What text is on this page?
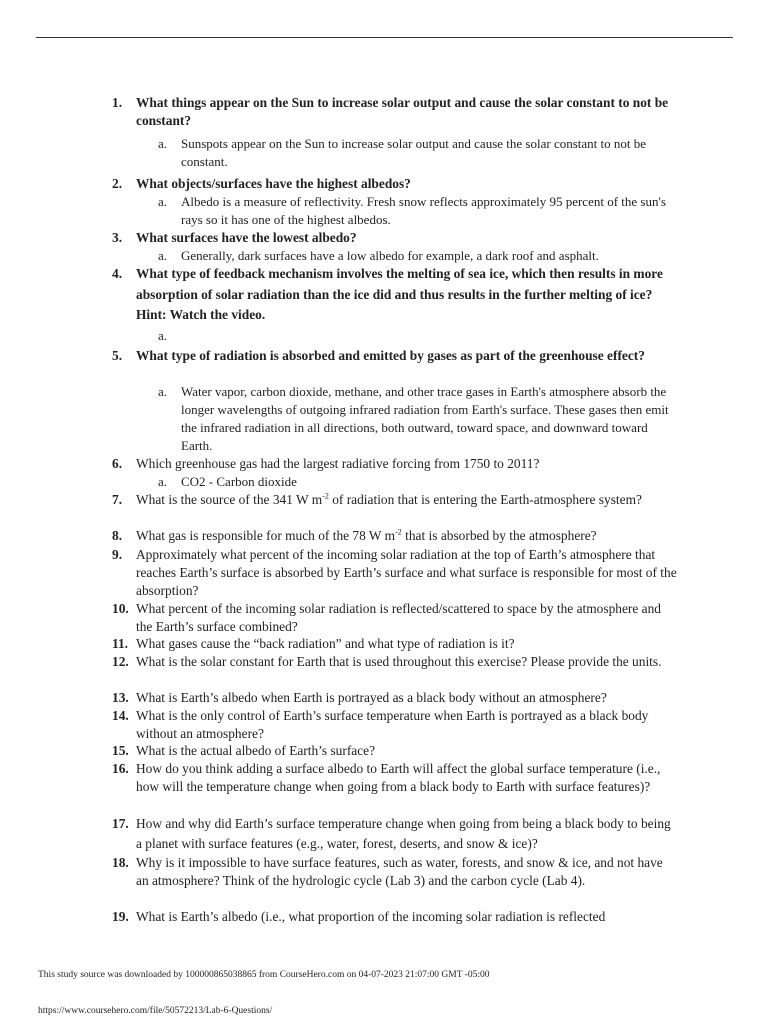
1. What things appear on the Sun to increase solar output and cause the solar constant to not be constant?
a. Sunspots appear on the Sun to increase solar output and cause the solar constant to not be constant.
2. What objects/surfaces have the highest albedos?
a. Albedo is a measure of reflectivity. Fresh snow reflects approximately 95 percent of the sun's rays so it has one of the highest albedos.
3. What surfaces have the lowest albedo?
a. Generally, dark surfaces have a low albedo for example, a dark roof and asphalt.
4. What type of feedback mechanism involves the melting of sea ice, which then results in more absorption of solar radiation than the ice did and thus results in the further melting of ice? Hint: Watch the video.
a.
5. What type of radiation is absorbed and emitted by gases as part of the greenhouse effect?
a. Water vapor, carbon dioxide, methane, and other trace gases in Earth's atmosphere absorb the longer wavelengths of outgoing infrared radiation from Earth's surface. These gases then emit the infrared radiation in all directions, both outward, toward space, and downward toward Earth.
6. Which greenhouse gas had the largest radiative forcing from 1750 to 2011?
a. CO2 - Carbon dioxide
7. What is the source of the 341 W $m^{-2}$ of radiation that is entering the Earth-atmosphere system?
8. What gas is responsible for much of the 78 W $m^{-2}$ that is absorbed by the atmosphere?
9. Approximately what percent of the incoming solar radiation at the top of Earth’s atmosphere that reaches Earth’s surface is absorbed by Earth’s surface and what surface is responsible for most of the absorption?
10. What percent of the incoming solar radiation is reflected/scattered to space by the atmosphere and the Earth’s surface combined?
11. What gases cause the “back radiation” and what type of radiation is it?
12. What is the solar constant for Earth that is used throughout this exercise? Please provide the units.
13. What is Earth’s albedo when Earth is portrayed as a black body without an atmosphere?
14. What is the only control of Earth’s surface temperature when Earth is portrayed as a black body without an atmosphere?
15. What is the actual albedo of Earth’s surface?
16. How do you think adding a surface albedo to Earth will affect the global surface temperature (i.e., how will the temperature change when going from a black body to Earth with surface features)?
17. How and why did Earth’s surface temperature change when going from being a black body to being a planet with surface features (e.g., water, forest, deserts, and snow & ice)?
18. Why is it impossible to have surface features, such as water, forests, and snow & ice, and not have an atmosphere? Think of the hydrologic cycle (Lab 3) and the carbon cycle (Lab 4).
19. What is Earth’s albedo (i.e., what proportion of the incoming solar radiation is reflected
This study source was downloaded by 100000865038865 from CourseHero.com on 04-07-2023 21:07:00 GMT -05:00
https://www.coursehero.com/file/50572213/Lab-6-Questions/
